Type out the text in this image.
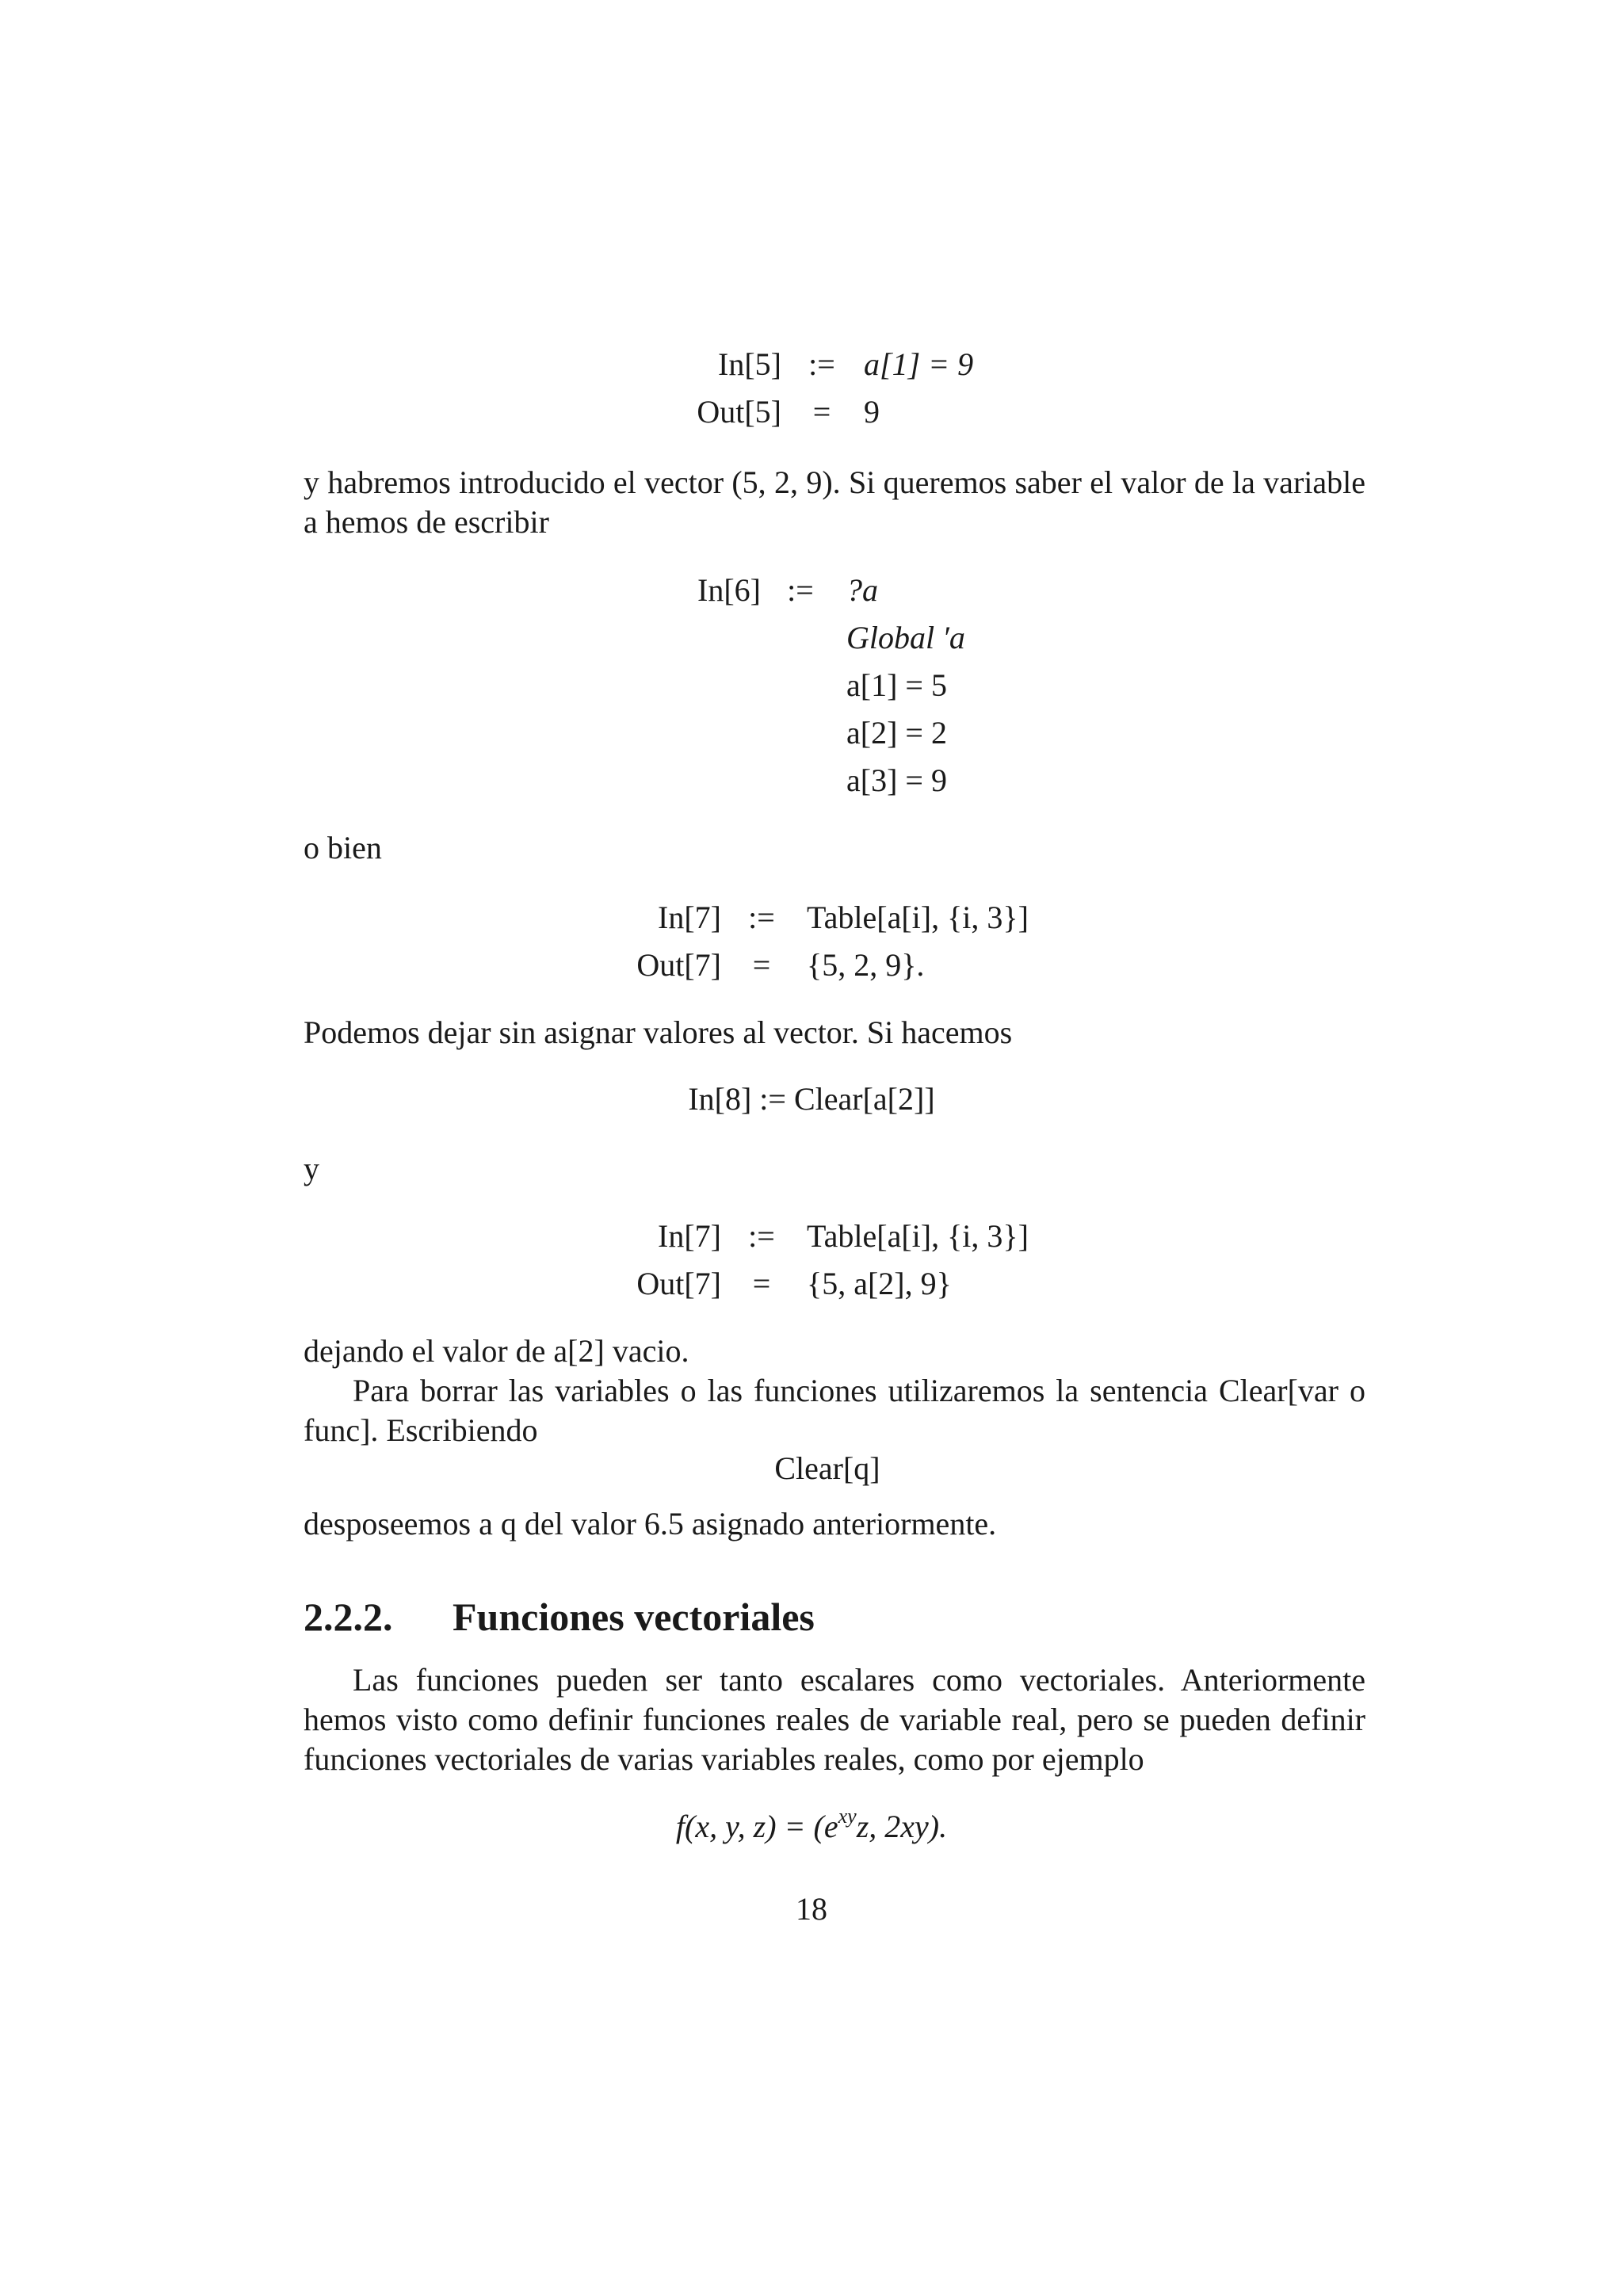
In[5]
Out[5]
:=
=
a[1] = 9
9
y habremos introducido el vector (5, 2, 9). Si queremos saber el valor de la variable a hemos de escribir
In[6] :=	?a
Global ′a
a[1] = 5
a[2] = 2
a[3] = 9
o bien
In[7]
Out[7]
:=
=
Table[a[i], {i, 3}]
{5, 2, 9}.
Podemos dejar sin asignar valores al vector. Si hacemos
In[8] := Clear[a[2]]
y
In[7]
Out[7]
:=
=
Table[a[i], {i, 3}]
{5, a[2], 9}
dejando el valor de a[2] vacio.
Para borrar las variables o las funciones utilizaremos la sentencia Clear[var o func]. Escribiendo
Clear[q]
desposeemos a q del valor 6.5 asignado anteriormente.
2.2.2. Funciones vectoriales
Las funciones pueden ser tanto escalares como vectoriales. Anteriormente hemos visto como definir funciones reales de variable real, pero se pueden definir funciones vectoriales de varias variables reales, como por ejemplo
f(x, y, $z) = (e^{xy}z$, 2xy).
18
